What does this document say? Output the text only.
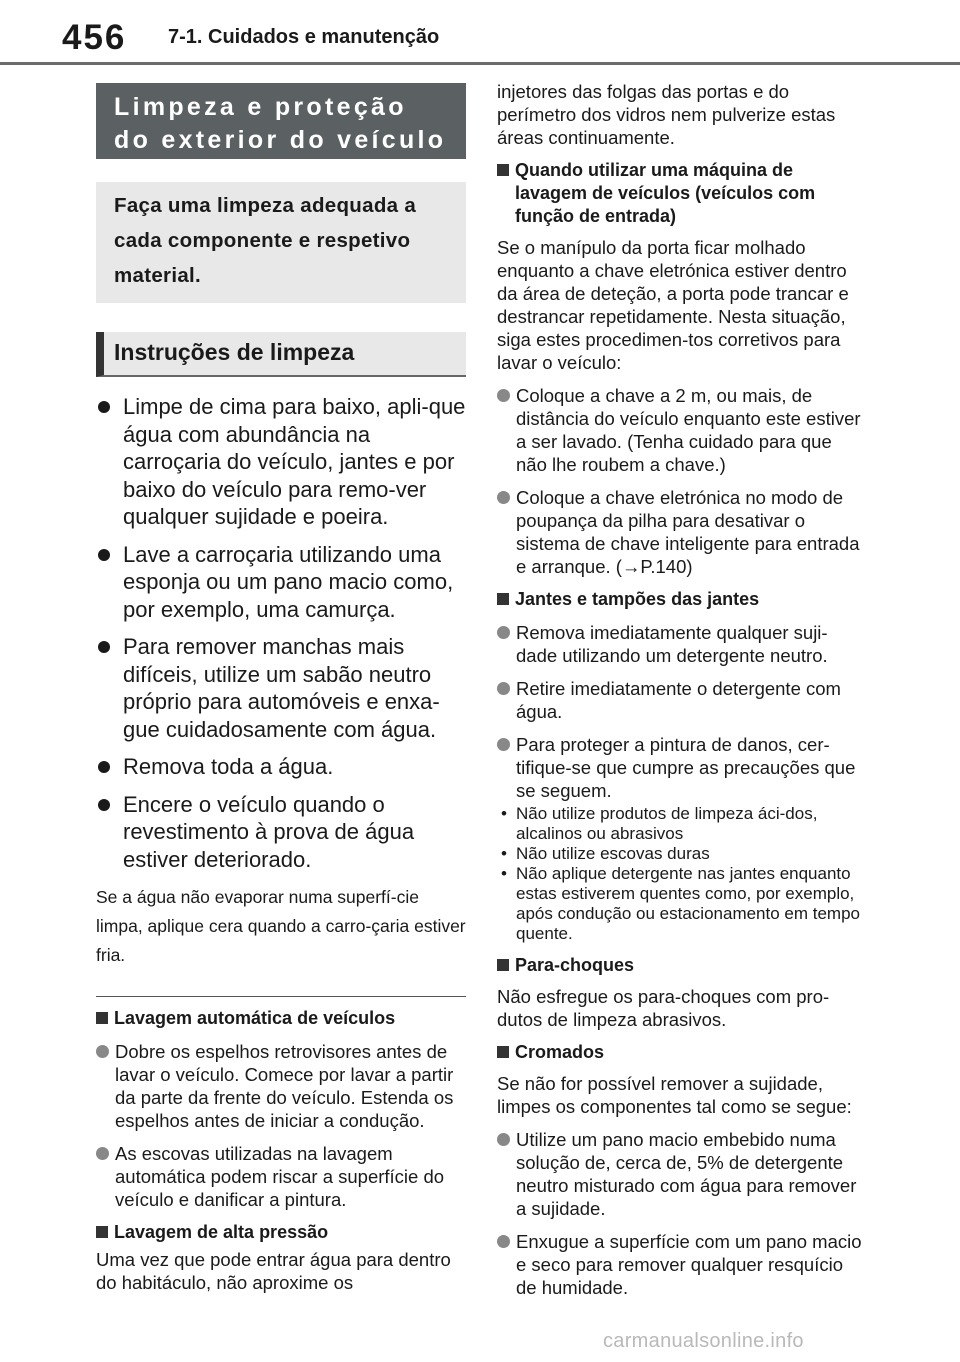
456 7-1. Cuidados e manutenção
Limpeza e proteção do exterior do veículo
Faça uma limpeza adequada a cada componente e respetivo material.
Instruções de limpeza
Limpe de cima para baixo, apli-que água com abundância na carroçaria do veículo, jantes e por baixo do veículo para remo-ver qualquer sujidade e poeira.
Lave a carroçaria utilizando uma esponja ou um pano macio como, por exemplo, uma camurça.
Para remover manchas mais difíceis, utilize um sabão neutro próprio para automóveis e enxa-gue cuidadosamente com água.
Remova toda a água.
Encere o veículo quando o revestimento à prova de água estiver deteriorado.
Se a água não evaporar numa superfí-cie limpa, aplique cera quando a carro-çaria estiver fria.
Lavagem automática de veículos
Dobre os espelhos retrovisores antes de lavar o veículo. Comece por lavar a partir da parte da frente do veículo. Estenda os espelhos antes de iniciar a condução.
As escovas utilizadas na lavagem automática podem riscar a superfície do veículo e danificar a pintura.
Lavagem de alta pressão
Uma vez que pode entrar água para dentro do habitáculo, não aproxime os
injetores das folgas das portas e do perímetro dos vidros nem pulverize estas áreas continuamente.
Quando utilizar uma máquina de lavagem de veículos (veículos com função de entrada)
Se o manípulo da porta ficar molhado enquanto a chave eletrónica estiver dentro da área de deteção, a porta pode trancar e destrancar repetidamente. Nesta situação, siga estes procedimen-tos corretivos para lavar o veículo:
Coloque a chave a 2 m, ou mais, de distância do veículo enquanto este estiver a ser lavado. (Tenha cuidado para que não lhe roubem a chave.)
Coloque a chave eletrónica no modo de poupança da pilha para desativar o sistema de chave inteligente para entrada e arranque. (→P.140)
Jantes e tampões das jantes
Remova imediatamente qualquer suji-dade utilizando um detergente neutro.
Retire imediatamente o detergente com água.
Para proteger a pintura de danos, cer-tifique-se que cumpre as precauções que se seguem.
• Não utilize produtos de limpeza áci-dos, alcalinos ou abrasivos
• Não utilize escovas duras
• Não aplique detergente nas jantes enquanto estas estiverem quentes como, por exemplo, após condução ou estacionamento em tempo quente.
Para-choques
Não esfregue os para-choques com pro-dutos de limpeza abrasivos.
Cromados
Se não for possível remover a sujidade, limpes os componentes tal como se segue:
Utilize um pano macio embebido numa solução de, cerca de, 5% de detergente neutro misturado com água para remover a sujidade.
Enxugue a superfície com um pano macio e seco para remover qualquer resquício de humidade.
carmanualsonline.info
